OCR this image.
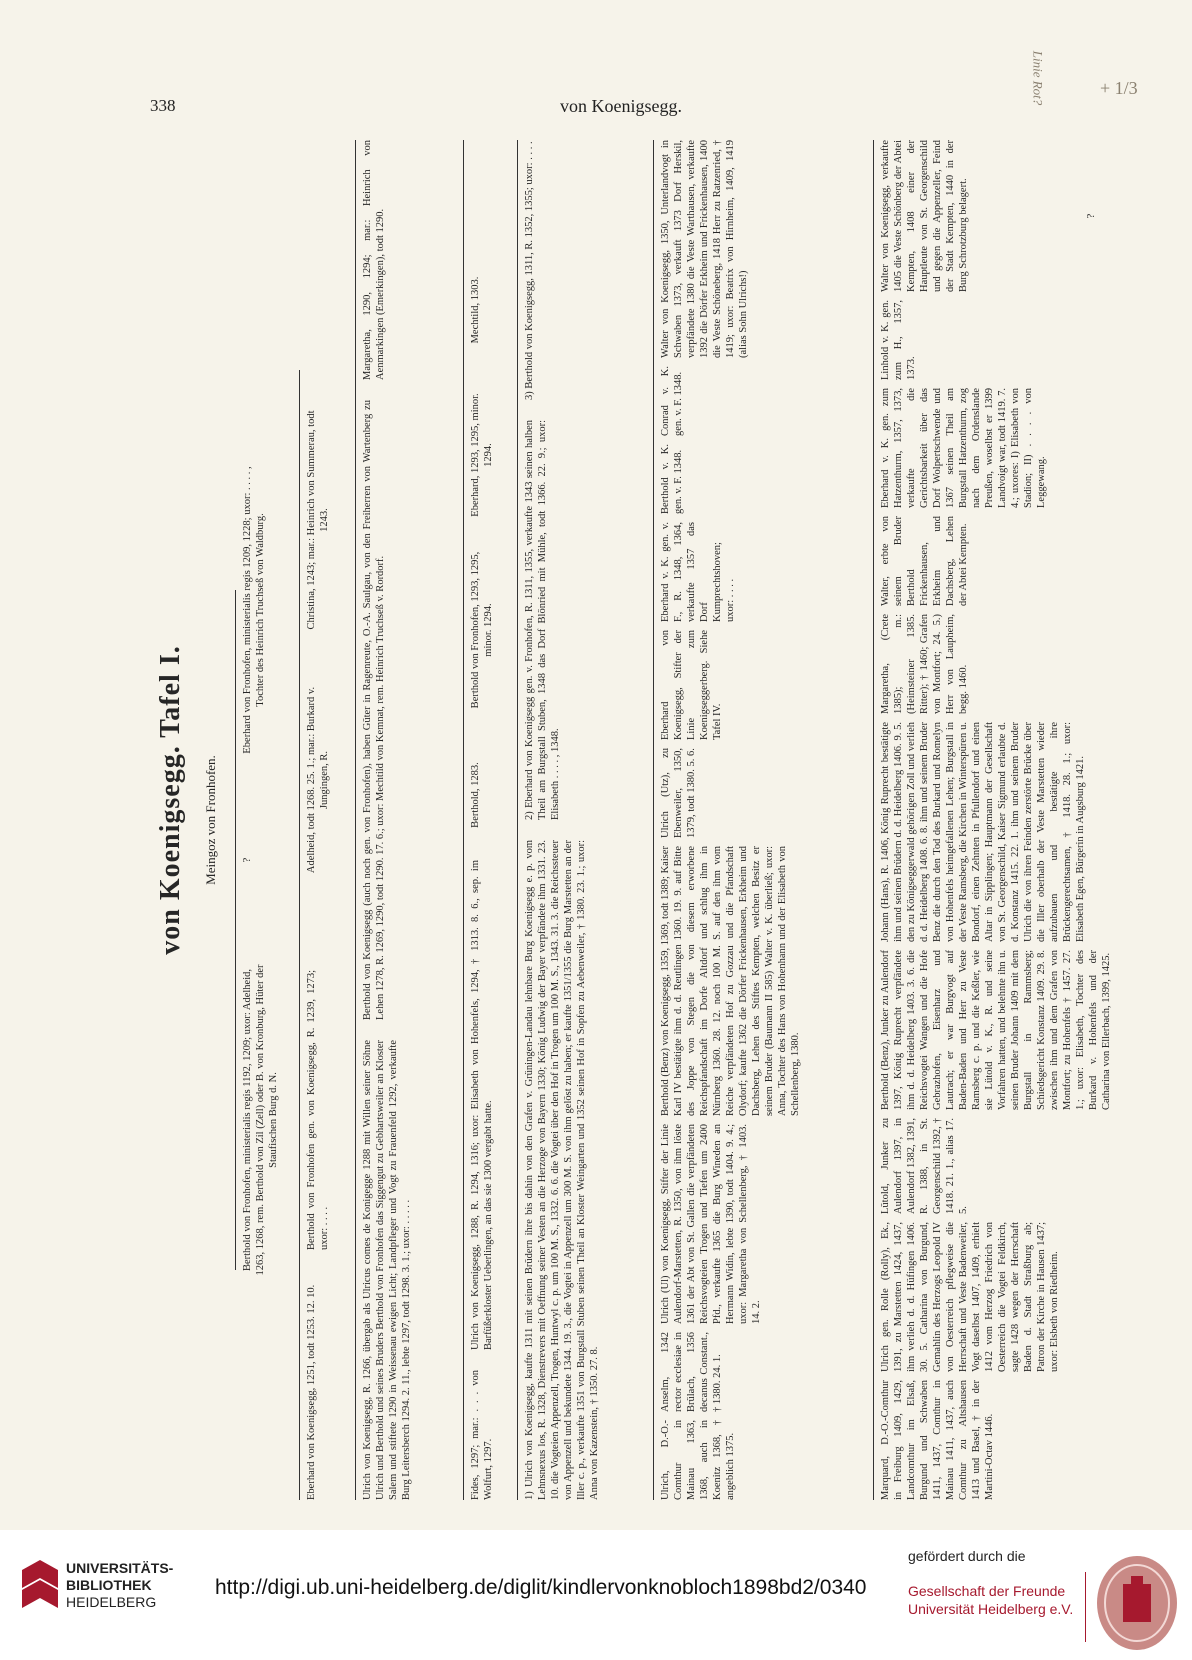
338	von Koenigsegg.
Linie Rot?	+ 1/3
von Koenigsegg. Tafel I. Meingoz von Fronhofen.
Berthold von Fronhofen, ministerialis regis 1192, 1209; uxor: Adelheid, 1263, 1268, rem. Berthold von Zil (Zell) oder B. von Kronburg, Hüter der Staufischen Burg d. N.
?
Eberhard von Fronhofen, ministerialis regis 1209, 1228; uxor: . . . . , Tochter des Heinrich Truchseß von Waldburg.
Eberhard von Koenigsegg, 1251, todt 1253. 12. 10.
Berthold von Fronhofen gen. von Koenigsegg, R. 1239, 1273; uxor: . . . .
Adelheid, todt 1268. 25. 1.; mar.: Burkard v. Jungingen, R.
Christina, 1243; mar.: Heinrich von Summerau, todt 1243.
Ulrich von Koenigsegg, R. 1266, übergab als Ulricus comes de Konigegge 1288 mit Willen seiner Söhne Ulrich und Berthold und seines Bruders Berthold von Fronhofen das Siggengut zu Gebhartsweiler an Kloster Salem und stiftete 1290 in Weissenau ewigen Licht; Landpfleger und Vogt zu Frauenfeld 1292, verkaufte Burg Leitersberch 1294. 2. 11., lebte 1297, todt 1298. 3. 1.; uxor: . . . . .
Berthold von Koenigsegg (auch noch gen. von Fronhofen), haben Güter in Ragenreute, O.-A. Saulgau, von den Freiherren von Wartenberg zu Lehen 1278, R. 1269, 1290, todt 1290. 17. 6.; uxor: Mechtild von Kemnat, rem. Heinrich Truchseß v. Rordorf.
Margaretha, 1290, 1294; mar.: Heinrich von Aenmarkingen (Emerkingen), todt 1290.
Fides, 1297; mar.: . . . von Wolfurt, 1297.
Ulrich von Koenigsegg, 1288, R. 1294, 1316; uxor: Elisabeth von Hohenfels, 1294, † 1313. 8. 6., sep. im Barfüßerkloster Ueberlingen, an das sie 1300 vergabt hatte.
Berthold, 1283.
Berthold von Fronhofen, 1293, 1295, minor. 1294.
Eberhard, 1293, 1295, minor. 1294.
Mechtild, 1303.
1) Ulrich von Koenigsegg, kaufte 1311 mit seinen Brüdern ihre bis dahin von den Grafen v. Grüningen-Landau lehnbare Burg Koenigsegg e. p. vom Lehnsnexus los, R. 1328, Dienstrevers mit Oeffnung seiner Vesten an die Herzoge von Bayern 1330; König Ludwig der Bayer verpfändete ihm 1331. 23. 10. die Vogteien Appenzell, Trogen, Huntwyl c. p. um 100 M. S., 1332. 6. 6. die Vogtei über den Hof in Trogen um 100 M. S., 1343. 31. 3. die Reichssteuer von Appenzell und bekundete 1344. 19. 3., die Vogtei in Appenzell um 300 M. S. von ihm gelöst zu haben; er kaufte 1351/1355 die Burg Marstetten an der Iller c. p., verkaufte 1351 von Burgstall Stuben seinen Theil an Kloster Weingarten und 1352 seinen Hof in Sopfen zu Aebenweiler, † 1380. 23. 1.; uxor: Anna von Kazenstein, † 1350. 27. 8.
2) Eberhard von Koenigsegg gen. v. Fronhofen, R. 1311, 1355, verkaufte 1343 seinen halben Theil am Burgstall Stuben, 1348 das Dorf Blönried mit Mühle, todt 1366. 22. 9.; uxor: Elisabeth . . . . , 1348.
3) Berthold von Koenigsegg, 1311, R. 1352, 1355; uxor: . . . .
Ulrich, D.-O.-Comthur in Mainau 1363, 1368, auch in Koenitz 1368, † angeblich 1375.
Anselm, 1342 rector ecclesiae in Brülach, 1356 decanus Constant., † 1380. 24. 1.
Ulrich (Ul) von Koenigsegg, Stifter der Linie Aulendorf-Marstetten, R. 1350, von ihm löste 1361 der Abt von St. Gallen die verpfändeten Reichsvogteien Trogen und Tiefen um 2400 Pfd., verkaufte 1365 die Burg Wineden an Hermann Widin, lebte 1390, todt 1404. 9. 4.; uxor: Margaretha von Schellenberg, † 1403. 14. 2.
Berthold (Benz) von Koenigsegg, 1359, 1369, todt 1389; Kaiser Karl IV bestätigte ihm d. d. Reutlingen 1360. 19. 9. auf Bitte des Joppe von Stegen die von diesem erworbene Reichspfandschaft im Dorfe Altdorf und schlug ihm in Nürnberg 1360. 28. 12. noch 100 M. S. auf den ihm vom Reiche verpfändeten Hof zu Gozzau und die Pfandschaft Olydorf; kaufte 1362 die Dörfer Frickenhausen, Erkheim und Dachsberg, Lehen des Stiftes Kempten, welchen Besitz er seinem Bruder (Baumann II 585) Walter v. K. überließ; uxor: Anna, Tochter des Hans von Hohenhann und der Elisabeth von Schellenberg, 1380.
Ulrich (Utz), zu Ebenweiler, 1350, 1379, todt 1380. 5. 6.
Eberhard von Koenigsegg, Stifter der Linie zum Koenigseggerberg. Siehe Tafel IV.
Eberhard v. K. gen. v. F., R. 1348, 1364, verkaufte 1357 das Dorf Kumprechtshoven; uxor: . . . .
Berthold v. K. gen. v. F. 1348.
Conrad v. K. gen. v. F. 1348.
Walter von Koenigsegg, 1350, Unterlandvogt in Schwaben 1373, verkauft 1373 Dorf Herskil, verpfändete 1380 die Veste Warthausen, verkaufte 1392 die Dörfer Erkheim und Frickenhausen, 1400 die Veste Schöneberg, 1418 Herr zu Ratzenried, † 1419; uxor: Beatrix von Hirnheim, 1409, 1419 (alias Sohn Ulrichs!)
Marquard, D.-O.-Comthur in Freiburg 1409, 1429, Landcomthur im Elsaß, Burgund und Schwaben 1411, 1437, Comthur in Mainau 1411, 1437, auch Comthur zu Altshausen 1413 und Basel, † in der Martini-Octav 1446.
Ulrich gen. Rolle (Rolly), Ek., 1391, zu Marstetten 1424, 1437, ihm verlieh d. d. Hüfingen 1406. 30. 5. Catharina von Burgund, Gemahlin des Herzogs Leopold IV von Oesterreich pflegweise die Herrschaft und Veste Badenweiler, Vogt daselbst 1407, 1409, erhielt 1412 vom Herzog Friedrich von Oesterreich die Vogtei Feldkirch, sagte 1428 wegen der Herrschaft Baden d. Stadt Straßburg ab; Patron der Kirche in Hausen 1437; uxor: Elsbeth von Riedheim.
Lütold, Junker zu Aulendorf 1397, in Aulendorf 1382, 1391, R. 1388, in St. Georgenschild 1392, † 1418. 21. 1., alias 17. 5.
Berthold (Benz), Junker zu Aulendorf 1397, König Ruprecht verpfändete ihm d. d. Heidelberg 1403. 3. 6. die Reichsvogtei Wangen und die Hofe Gebrazhofen, Eisenharz und Lautrach; er war Burgvogt auf Baden-Baden und Herr zu Veste Ramsberg c. p. und die Keßler, wie sie Lütold v. K., R. und seine Vorfahren hatten, und belehnte ihn u. seinen Bruder Johann 1409 mit dem Burgstall in Rammsberg; Schiedsgericht Konstanz 1409. 29. 8. zwischen ihm und dem Grafen von Montfort; zu Hohenfels † 1457. 27. 1.; uxor: Elisabeth, Tochter des Burkard v. Hohenfels und der Catharina von Ellerbach, 1399, 1425.
Johann (Hans), R. 1406, König Ruprecht bestätigte ihm und seinen Brüdern d. d. Heidelberg 1406. 9. 5. den zu Königseggerwald gehörigen Zoll und verlieh d. d. Heidelberg 1408. 6. 8. ihm und seinem Bruder Benz die durch den Tod des Burkard und Romelyn von Hohenfels heimgefallenen Lehen; Burgstall in der Veste Ramsberg, die Kirchen in Winterspüren u. Bondorf, einen Zehnten in Pfullendorf und einen Altar in Sipplingen; Hauptmann der Gesellschaft von St. Georgenschild, Kaiser Sigmund erlaubte d. d. Konstanz 1415. 22. 1. ihm und seinem Bruder Ulrich die von ihren Feinden zerstörte Brücke über die Iller oberhalb der Veste Marstetten wieder aufzubauen und bestätigte ihre Brückengerechtsamen, † 1418. 28. 1.; uxor: Elisabeth Egen, Bürgerin in Augsburg 1421.
Margaretha, (Crete 1385); m.: (Heimsteiner 1385. Ritter); † 1460; Grafen von Montfort; 24. 5.) Herr von Laupheim, begg. 1460.
Walter, erbte von seinem Bruder Berthold Frickenhausen, Erkheim und Dachsberg, Lehen der Abtei Kempten.
Eberhard v. K. gen. zum Hatzenthurm, 1357, 1373, verkaufte die Gerichtsbarkeit über das Dorf Wolpertschwende und 1367 seinen Theil am Burgstall Hatzenthurm, zog nach dem Ordenslande Preußen, woselbst er 1399 Landvoigt war, todt 1419. 7. 4.; uxores: I) Elisabeth von Stadion; II) . . . . von Leggewang.
Linhold v. K. gen. zum H., 1357, 1373.
Walter von Koenigsegg, verkaufte 1405 die Veste Schönberg der Abtei Kempten, 1408 einer der Hauptleute von St. Georgenschild und gegen die Appenzeller, Feind der Stadt Kempten, 1440 in der Burg Schrotzburg belagert.	?
UNIVERSITÄTS-
BIBLIOTHEK
HEIDELBERG
http://digi.ub.uni-heidelberg.de/diglit/kindlervonknobloch1898bd2/0340
gefördert durch die
Gesellschaft der Freunde
Universität Heidelberg e.V.
